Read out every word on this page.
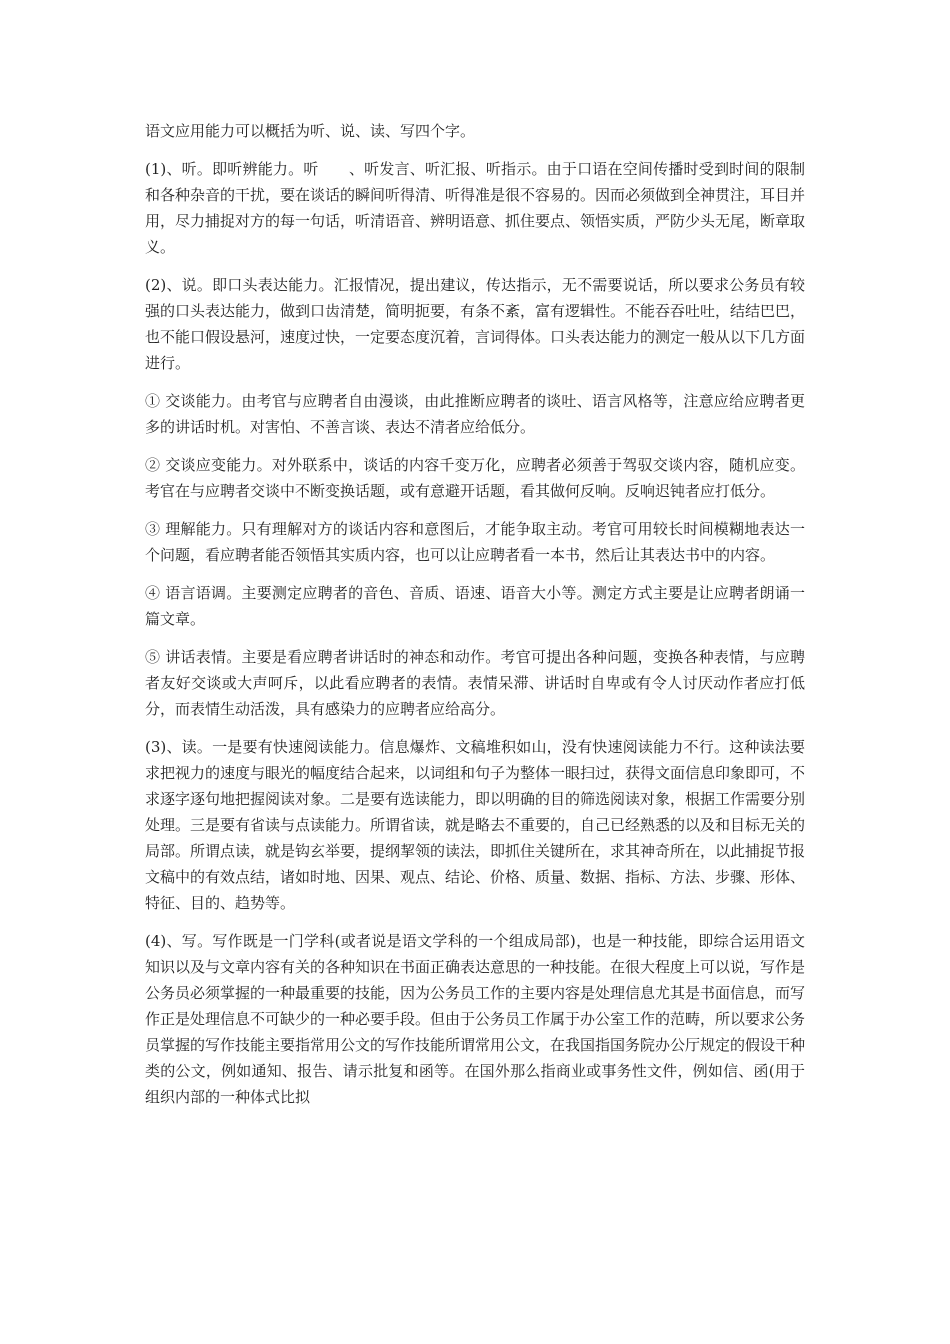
语文应用能力可以概括为听、说、读、写四个字。

(1)、听。即听辨能力。听　　、听发言、听汇报、听指示。由于口语在空间传播时受到时间的限制和各种杂音的干扰，要在谈话的瞬间听得清、听得准是很不容易的。因而必须做到全神贯注，耳目并用，尽力捕捉对方的每一句话，听清语音、辨明语意、抓住要点、领悟实质，严防少头无尾，断章取义。

(2)、说。即口头表达能力。汇报情况，提出建议，传达指示，无不需要说话，所以要求公务员有较强的口头表达能力，做到口齿清楚，简明扼要，有条不紊，富有逻辑性。不能吞吞吐吐，结结巴巴，也不能口假设悬河，速度过快，一定要态度沉着，言词得体。口头表达能力的测定一般从以下几方面进行。

① 交谈能力。由考官与应聘者自由漫谈，由此推断应聘者的谈吐、语言风格等，注意应给应聘者更多的讲话时机。对害怕、不善言谈、表达不清者应给低分。

② 交谈应变能力。对外联系中，谈话的内容千变万化，应聘者必须善于驾驭交谈内容，随机应变。考官在与应聘者交谈中不断变换话题，或有意避开话题，看其做何反响。反响迟钝者应打低分。

③ 理解能力。只有理解对方的谈话内容和意图后，才能争取主动。考官可用较长时间模糊地表达一个问题，看应聘者能否领悟其实质内容，也可以让应聘者看一本书，然后让其表达书中的内容。

④ 语言语调。主要测定应聘者的音色、音质、语速、语音大小等。测定方式主要是让应聘者朗诵一篇文章。

⑤ 讲话表情。主要是看应聘者讲话时的神态和动作。考官可提出各种问题，变换各种表情，与应聘者友好交谈或大声呵斥，以此看应聘者的表情。表情呆滞、讲话时自卑或有令人讨厌动作者应打低分，而表情生动活泼，具有感染力的应聘者应给高分。

(3)、读。一是要有快速阅读能力。信息爆炸、文稿堆积如山，没有快速阅读能力不行。这种读法要求把视力的速度与眼光的幅度结合起来，以词组和句子为整体一眼扫过，获得文面信息印象即可，不求逐字逐句地把握阅读对象。二是要有选读能力，即以明确的目的筛选阅读对象，根据工作需要分别处理。三是要有省读与点读能力。所谓省读，就是略去不重要的，自己已经熟悉的以及和目标无关的局部。所谓点读，就是钩玄举要，提纲挈领的读法，即抓住关键所在，求其神奇所在，以此捕捉节报文稿中的有效点结，诸如时地、因果、观点、结论、价格、质量、数据、指标、方法、步骤、形体、特征、目的、趋势等。

(4)、写。写作既是一门学科(或者说是语文学科的一个组成局部)，也是一种技能，即综合运用语文知识以及与文章内容有关的各种知识在书面正确表达意思的一种技能。在很大程度上可以说，写作是公务员必须掌握的一种最重要的技能，因为公务员工作的主要内容是处理信息尤其是书面信息，而写作正是处理信息不可缺少的一种必要手段。但由于公务员工作属于办公室工作的范畴，所以要求公务员掌握的写作技能主要指常用公文的写作技能所谓常用公文，在我国指国务院办公厅规定的假设干种类的公文，例如通知、报告、请示批复和函等。在国外那么指商业或事务性文件，例如信、函(用于组织内部的一种体式比拟
